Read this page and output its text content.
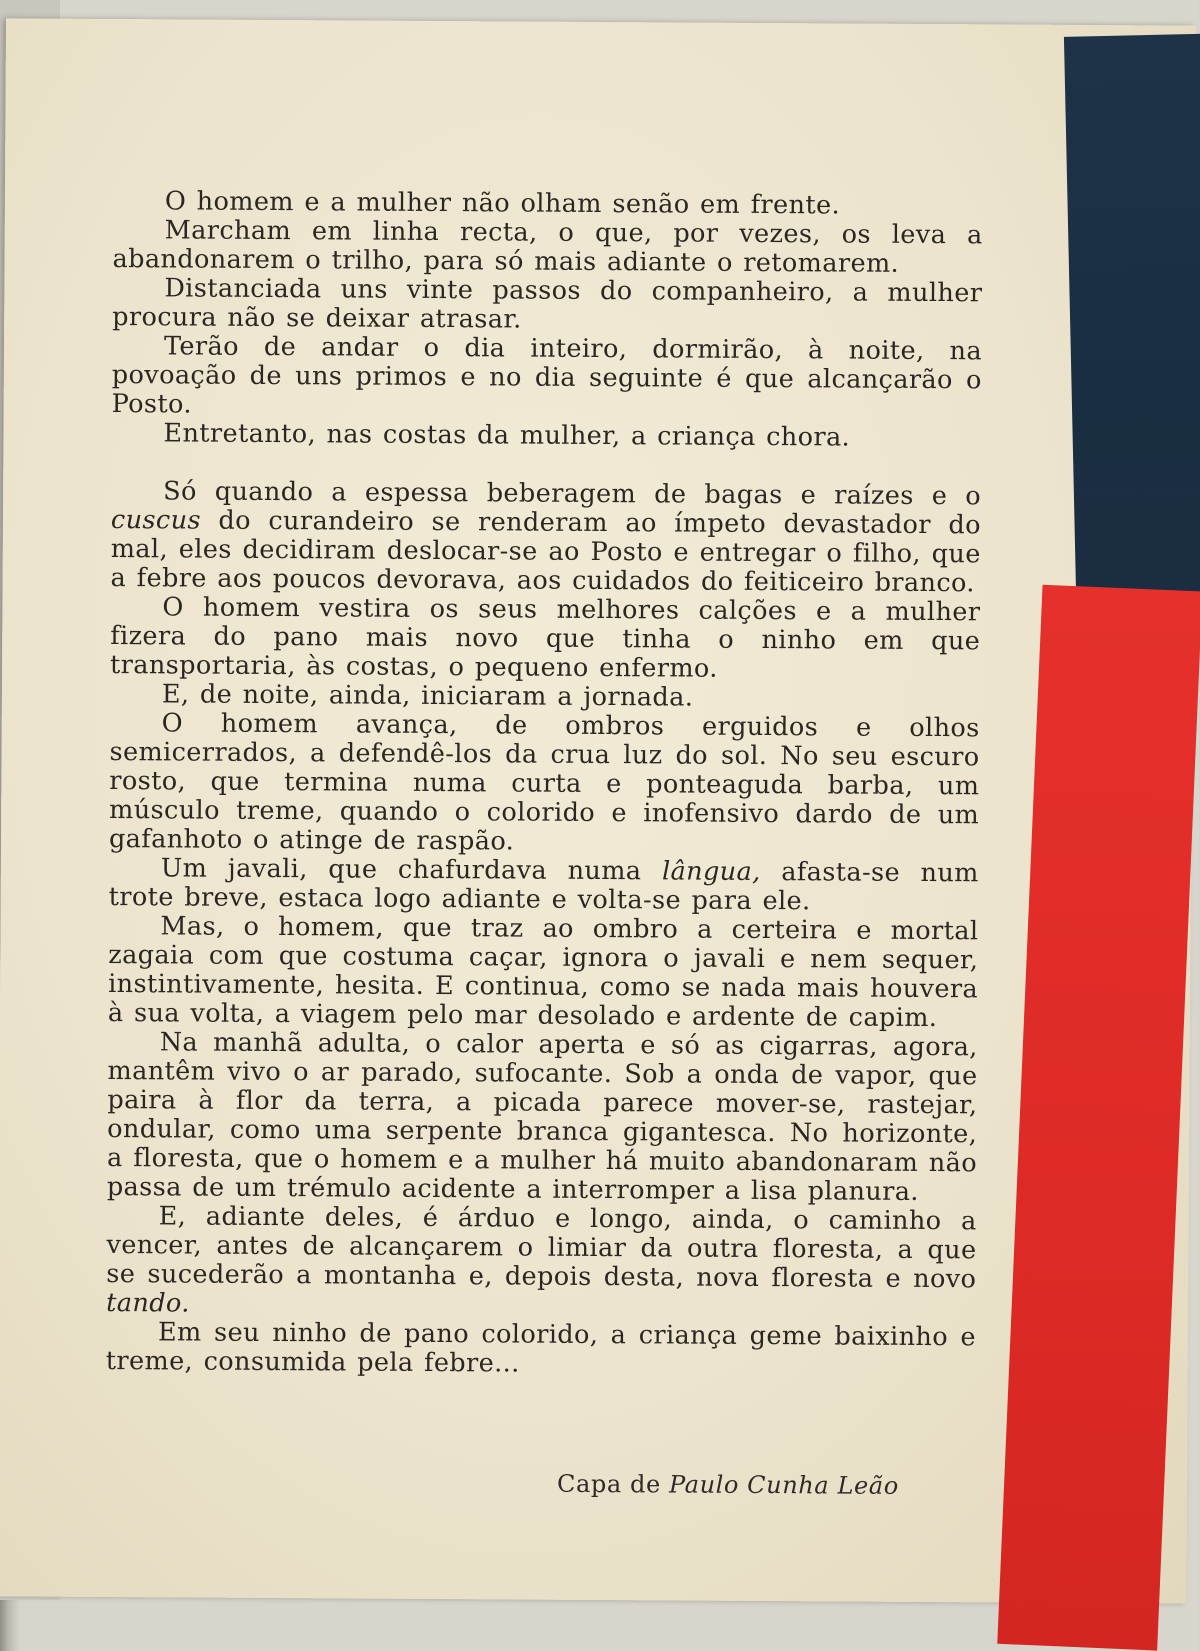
O homem e a mulher não olham senão em frente.

Marcham em linha recta, o que, por vezes, os leva a abandonarem o trilho, para só mais adiante o retomarem.

Distanciada uns vinte passos do companheiro, a mulher procura não se deixar atrasar.

Terão de andar o dia inteiro, dormirão, à noite, na povoação de uns primos e no dia seguinte é que alcançarão o Posto.

Entretanto, nas costas da mulher, a criança chora.

Só quando a espessa beberagem de bagas e raízes e o cuscus do curandeiro se renderam ao ímpeto devastador do mal, eles decidiram deslocar-se ao Posto e entregar o filho, que a febre aos poucos devorava, aos cuidados do feiticeiro branco.

O homem vestira os seus melhores calções e a mulher fizera do pano mais novo que tinha o ninho em que transportaria, às costas, o pequeno enfermo.

E, de noite, ainda, iniciaram a jornada.

O homem avança, de ombros erguidos e olhos semicerrados, a defendê-los da crua luz do sol. No seu escuro rosto, que termina numa curta e ponteaguda barba, um músculo treme, quando o colorido e inofensivo dardo de um gafanhoto o atinge de raspão.

Um javali, que chafurdava numa lângua, afasta-se num trote breve, estaca logo adiante e volta-se para ele.

Mas, o homem, que traz ao ombro a certeira e mortal zagaia com que costuma caçar, ignora o javali e nem sequer, instintivamente, hesita. E continua, como se nada mais houvera à sua volta, a viagem pelo mar desolado e ardente de capim.

Na manhã adulta, o calor aperta e só as cigarras, agora, mantêm vivo o ar parado, sufocante. Sob a onda de vapor, que paira à flor da terra, a picada parece mover-se, rastejar, ondular, como uma serpente branca gigantesca. No horizonte, a floresta, que o homem e a mulher há muito abandonaram não passa de um trémulo acidente a interromper a lisa planura.

E, adiante deles, é árduo e longo, ainda, o caminho a vencer, antes de alcançarem o limiar da outra floresta, a que se sucederão a montanha e, depois desta, nova floresta e novo tando.

Em seu ninho de pano colorido, a criança geme baixinho e treme, consumida pela febre...

Capa de Paulo Cunha Leão
